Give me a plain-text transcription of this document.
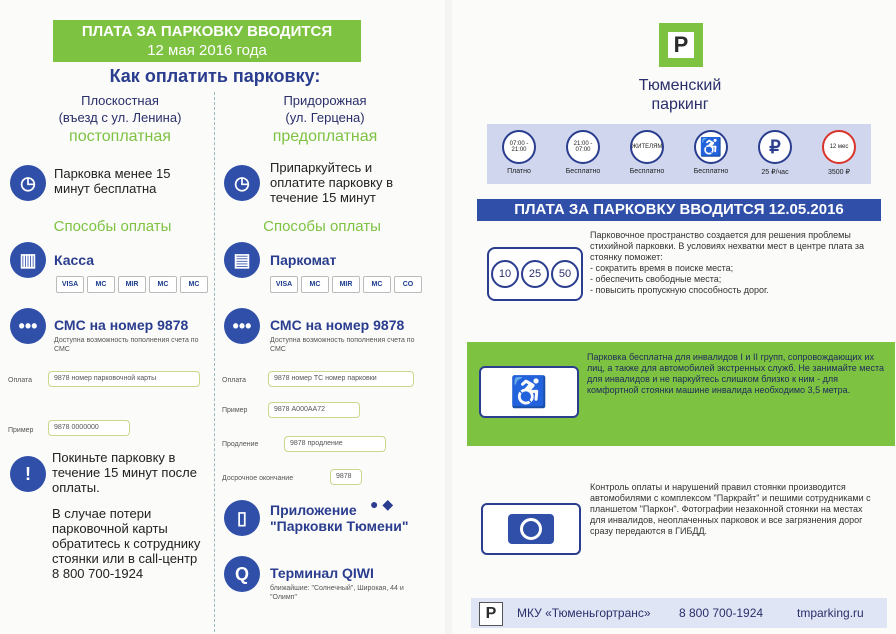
ПЛАТА ЗА ПАРКОВКУ ВВОДИТСЯ
12 мая 2016 года
Как оплатить парковку:
Плоскостная
(въезд с ул. Ленина)
постоплатная
Придорожная
(ул. Герцена)
предоплатная
◷	Парковка менее 15 минут бесплатна	◷
Припаркуйтесь и оплатите парковку в течение 15 минут
Способы оплаты	Способы оплаты
▥	Касса
VISA	MC	MIR	MC	MC
▤	Паркомат
VISA	MC	MIR	MC	CO
•••	СМС на номер 9878
Доступна возможность пополнения счета по СМС
•••	СМС на номер 9878
Доступна возможность пополнения счета по СМС
Оплата	9878 номер парковочной карты	Оплата	9878 номер ТС номер парковки
Пример	9878 А000АА72
Пример	9878 0000000
Продление	9878 продление
Досрочное окончание	9878
!
Покиньте парковку в течение 15 минут после оплаты.
В случае потери парковочной карты обратитесь к сотруднику стоянки или в call-центр 8 800 700-1924
▯	Приложение ● ◆
"Парковки Тюмени"
Q	Терминал QIWI
ближайшие: "Солнечный", Широкая, 44 и "Олимп"
P
Тюменский
паркинг
07:00 - 21:00
Платно
21:00 - 07:00
Бесплатно
ЖИТЕЛЯМ
Бесплатно
♿
Бесплатно
₽
25 ₽/час
12 мес
3500 ₽
ПЛАТА ЗА ПАРКОВКУ ВВОДИТСЯ 12.05.2016
10	25	50
Парковочное пространство создается для решения проблемы стихийной парковки. В условиях нехватки мест в центре плата за стоянку поможет:
- сократить время в поиске места;
- обеспечить свободные места;
- повысить пропускную способность дорог.
♿
Парковка бесплатна для инвалидов I и II групп, сопровождающих их лиц, а также для автомобилей экстренных служб. Не занимайте места для инвалидов и не паркуйтесь слишком близко к ним - для комфортной стоянки машине инвалида необходимо 3,5 метра.
Контроль оплаты и нарушений правил стоянки производится автомобилями с комплексом "Паркрайт" и пешими сотрудниками с планшетом "Паркон". Фотографии незаконной стоянки на местах для инвалидов, неоплаченных парковок и все загрязнения дорог сразу передаются в ГИБДД.
P	МКУ «Тюменьгортранс» 8 800 700-1924	tmparking.ru
